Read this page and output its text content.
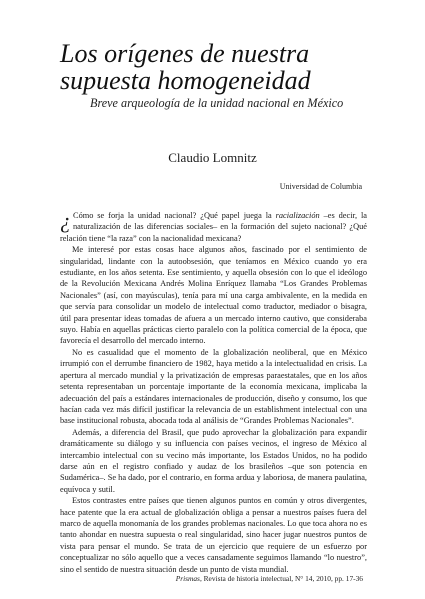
Los orígenes de nuestra
supuesta homogeneidad
Breve arqueología de la unidad nacional en México
Claudio Lomnitz
Universidad de Columbia

¿ Cómo se forja la unidad nacional? ¿Qué papel juega la racialización –es decir, la naturalización de las diferencias sociales– en la formación del sujeto nacional? ¿Qué relación tiene “la raza” con la nacionalidad mexicana?

Me interesé por estas cosas hace algunos años, fascinado por el sentimiento de singularidad, lindante con la autoobsesión, que teníamos en México cuando yo era estudiante, en los años setenta. Ese sentimiento, y aquella obsesión con lo que el ideólogo de la Revolución Mexicana Andrés Molina Enríquez llamaba “Los Grandes Problemas Nacionales” (así, con mayúsculas), tenía para mí una carga ambivalente, en la medida en que servía para consolidar un modelo de intelectual como traductor, mediador o bisagra, útil para presentar ideas tomadas de afuera a un mercado interno cautivo, que consideraba suyo. Había en aquellas prácticas cierto paralelo con la política comercial de la época, que favorecía el desarrollo del mercado interno.

No es casualidad que el momento de la globalización neoliberal, que en México irrumpió con el derrumbe financiero de 1982, haya metido a la intelectualidad en crisis. La apertura al mercado mundial y la privatización de empresas paraestatales, que en los años setenta representaban un porcentaje importante de la economía mexicana, implicaba la adecuación del país a estándares internacionales de producción, diseño y consumo, los que hacían cada vez más difícil justificar la relevancia de un establishment intelectual con una base institucional robusta, abocada toda al análisis de “Grandes Problemas Nacionales”.

Además, a diferencia del Brasil, que pudo aprovechar la globalización para expandir dramáticamente su diálogo y su influencia con países vecinos, el ingreso de México al intercambio intelectual con su vecino más importante, los Estados Unidos, no ha podido darse aún en el registro confiado y audaz de los brasileños –que son potencia en Sudamérica–. Se ha dado, por el contrario, en forma ardua y laboriosa, de manera paulatina, equívoca y sutil.

Estos contrastes entre países que tienen algunos puntos en común y otros divergentes, hace patente que la era actual de globalización obliga a pensar a nuestros países fuera del marco de aquella monomanía de los grandes problemas nacionales. Lo que toca ahora no es tanto ahondar en nuestra supuesta o real singularidad, sino hacer jugar nuestros puntos de vista para pensar el mundo. Se trata de un ejercicio que requiere de un esfuerzo por conceptualizar no sólo aquello que a veces cansadamente seguimos llamando “lo nuestro”, sino el sentido de nuestra situación desde un punto de vista mundial.

Prismas, Revista de historia intelectual, N° 14, 2010, pp. 17-36
